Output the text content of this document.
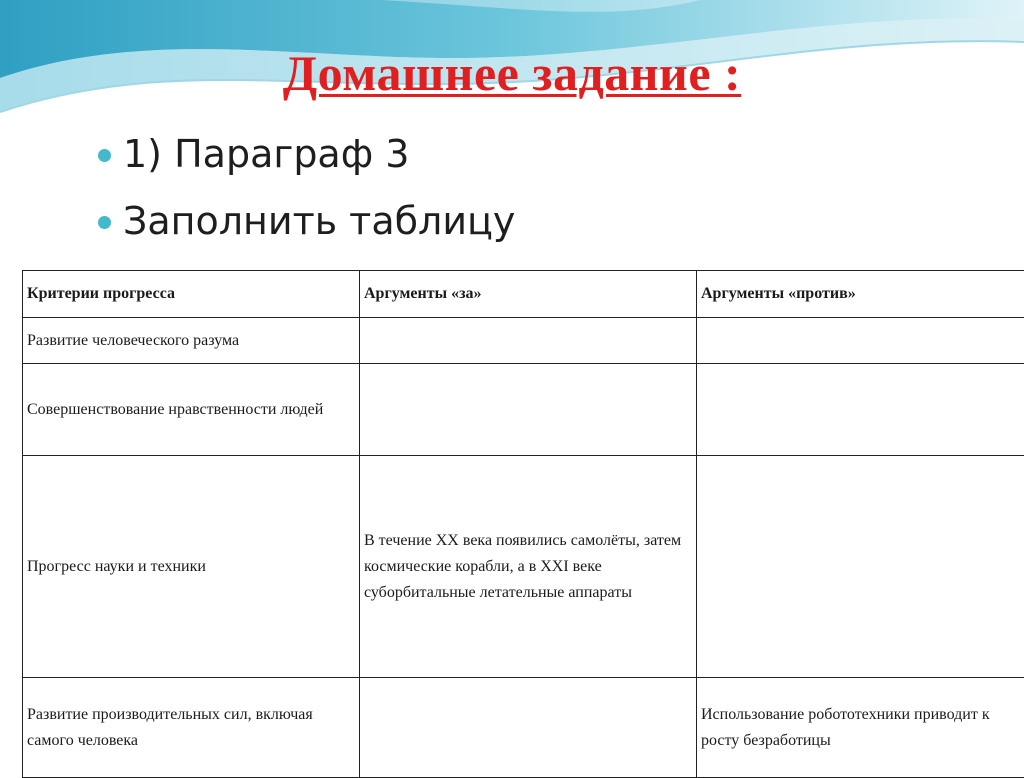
Домашнее задание :
1) Параграф 3
Заполнить таблицу
Критерии прогресса	Аргументы «за»	Аргументы «против»
Развитие человеческого разума		
Совершенствование нравственности людей		
Прогресс науки и техники	В течение XX века появились самолёты, затем космические корабли, а в XXI веке суборбитальные летательные аппараты	
Развитие производительных сил, включая самого человека		Использование робототехники приводит к росту безработицы
